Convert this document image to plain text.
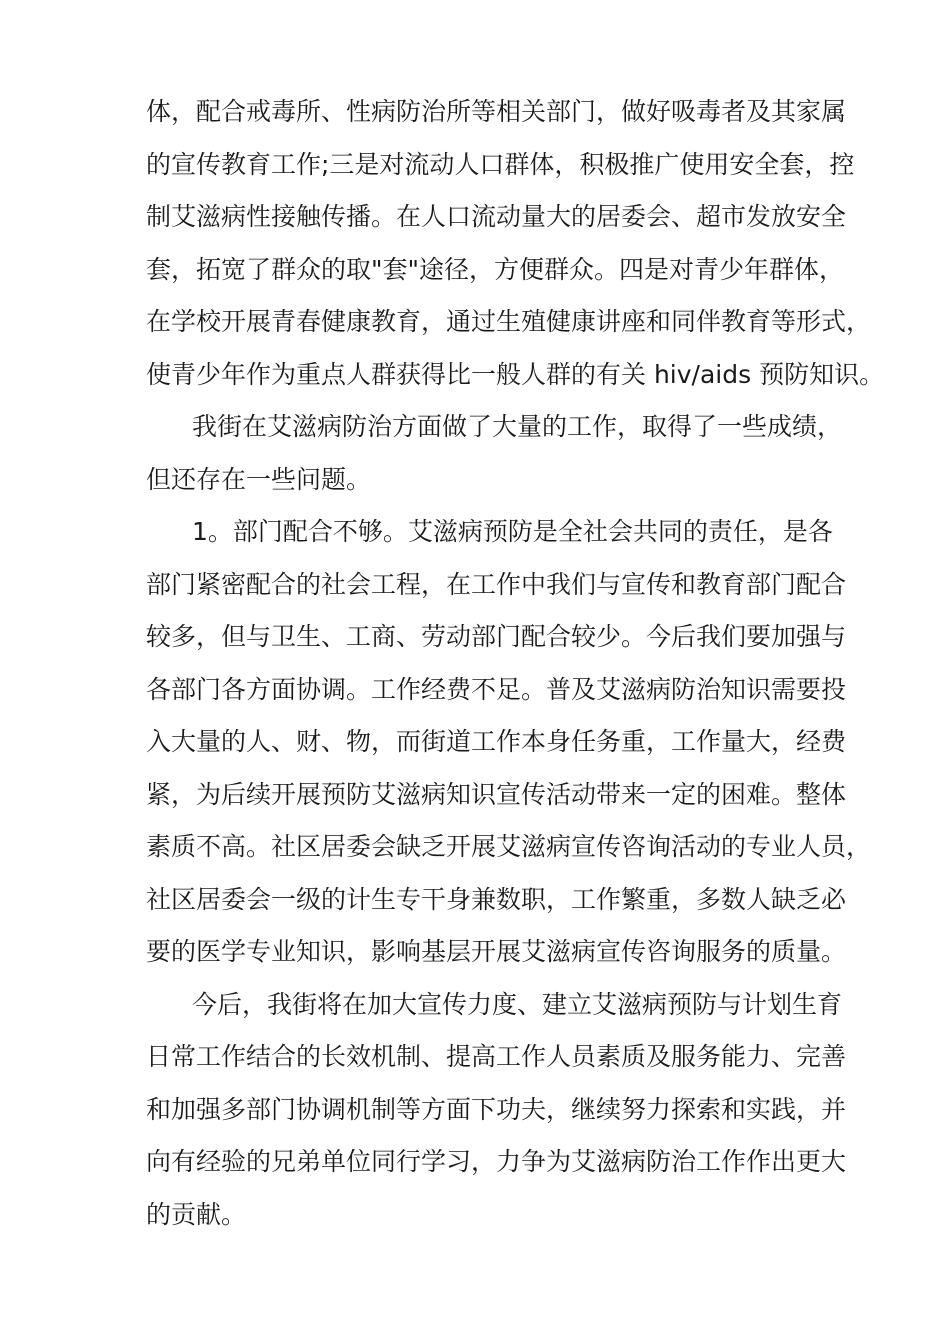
体，配合戒毒所、性病防治所等相关部门，做好吸毒者及其家属
的宣传教育工作;三是对流动人口群体，积极推广使用安全套，控
制艾滋病性接触传播。在人口流动量大的居委会、超市发放安全
套，拓宽了群众的取"套"途径，方便群众。四是对青少年群体，
在学校开展青春健康教育，通过生殖健康讲座和同伴教育等形式，
使青少年作为重点人群获得比一般人群的有关 hiv/aids 预防知识。
我街在艾滋病防治方面做了大量的工作，取得了一些成绩，
但还存在一些问题。
1。部门配合不够。艾滋病预防是全社会共同的责任，是各
部门紧密配合的社会工程，在工作中我们与宣传和教育部门配合
较多，但与卫生、工商、劳动部门配合较少。今后我们要加强与
各部门各方面协调。工作经费不足。普及艾滋病防治知识需要投
入大量的人、财、物，而街道工作本身任务重，工作量大，经费
紧，为后续开展预防艾滋病知识宣传活动带来一定的困难。整体
素质不高。社区居委会缺乏开展艾滋病宣传咨询活动的专业人员，
社区居委会一级的计生专干身兼数职，工作繁重，多数人缺乏必
要的医学专业知识，影响基层开展艾滋病宣传咨询服务的质量。
今后，我街将在加大宣传力度、建立艾滋病预防与计划生育
日常工作结合的长效机制、提高工作人员素质及服务能力、完善
和加强多部门协调机制等方面下功夫，继续努力探索和实践，并
向有经验的兄弟单位同行学习，力争为艾滋病防治工作作出更大
的贡献。
